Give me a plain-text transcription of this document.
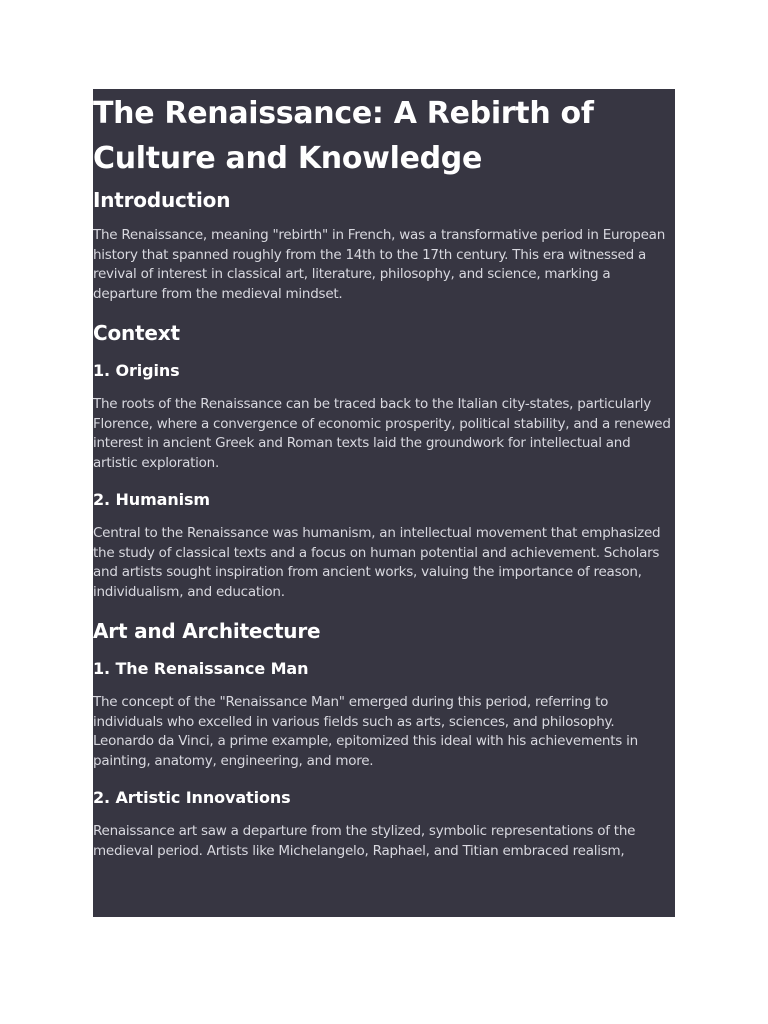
The Renaissance: A Rebirth of Culture and Knowledge
Introduction

The Renaissance, meaning "rebirth" in French, was a transformative period in European history that spanned roughly from the 14th to the 17th century. This era witnessed a revival of interest in classical art, literature, philosophy, and science, marking a departure from the medieval mindset.

Context
1. Origins

The roots of the Renaissance can be traced back to the Italian city-states, particularly Florence, where a convergence of economic prosperity, political stability, and a renewed interest in ancient Greek and Roman texts laid the groundwork for intellectual and artistic exploration.

2. Humanism

Central to the Renaissance was humanism, an intellectual movement that emphasized the study of classical texts and a focus on human potential and achievement. Scholars and artists sought inspiration from ancient works, valuing the importance of reason, individualism, and education.

Art and Architecture
1. The Renaissance Man

The concept of the "Renaissance Man" emerged during this period, referring to individuals who excelled in various fields such as arts, sciences, and philosophy. Leonardo da Vinci, a prime example, epitomized this ideal with his achievements in painting, anatomy, engineering, and more.

2. Artistic Innovations

Renaissance art saw a departure from the stylized, symbolic representations of the medieval period. Artists like Michelangelo, Raphael, and Titian embraced realism,
